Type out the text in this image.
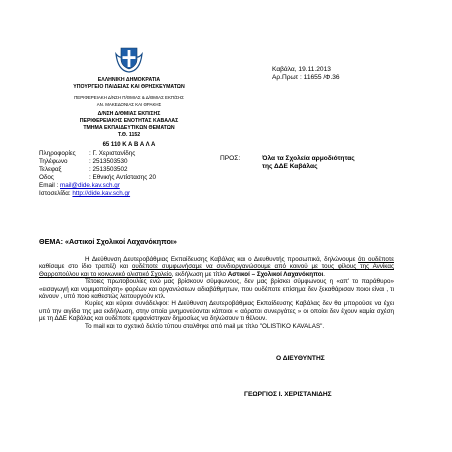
ΕΛΛΗΝΙΚΗ ΔΗΜΟΚΡΑΤΙΑ
ΥΠΟΥΡΓΕΙΟ ΠΑΙΔΕΙΑΣ ΚΑΙ ΘΡΗΣΚΕΥΜΑΤΩΝ
ΠΕΡΙΦΕΡΕΙΑΚΗ Δ/ΝΣΗ Π/ΘΜΙΑΣ & Δ/ΘΜΙΑΣ ΕΚΠ/ΣΗΣ
ΑΝ. ΜΑΚΕΔΟΝΙΑΣ ΚΑΙ ΘΡΑΚΗΣ
Δ/ΝΣΗ Δ/ΘΜΙΑΣ ΕΚΠ/ΣΗΣ
ΠΕΡΙΦΕΡΕΙΑΚΗΣ ΕΝΟΤΗΤΑΣ ΚΑΒΑΛΑΣ
ΤΜΗΜΑ ΕΚΠΑΙΔΕΥΤΙΚΩΝ ΘΕΜΑΤΩΝ
Τ.Θ. 1152
65 110 Κ Α Β Α Λ Α
Πληροφορίες : Γ. Χεριστανίδης
Τηλέφωνο	: 2513503530
Τελεφαξ	: 2513503502
Οδος	: Εθνικής Αντίστασης 20
Email : mail@dide.kav.sch.gr
Ιστοσελίδα: http://dide.kav.sch.gr
Καβάλα, 19.11.2013
Αρ.Πρωτ : 11655 /Φ.36
ΠΡΟΣ:	Όλα τα Σχολεία αρμοδιότητας
της ΔΔΕ Καβάλας
ΘΕΜΑ: «Αστικοί Σχολικοί Λαχανόκηποι»

Η Διεύθυνση Δευτεροβάθμιας Εκπαίδευσης Καβάλας και ο Διευθυντής προσωπικά, δηλώνουμε ότι ουδέποτε καθίσαμε στο ίδιο τραπέζι και ουδέποτε συμφωνήσαμε να συνδιοργανώσουμε από κοινού με τους φίλους της Αννίκας Θαρροπούλου και το κοινωνικό ολιστικό Σχολείο, εκδήλωση με τίτλο Αστικοί – Σχολικοί Λαχανόκηποι.

Τέτοιες πρωτοβουλίες ενώ μας βρίσκουν σύμφωνους, δεν μας βρίσκει σύμφωνους η «απ' το παράθυρο» «εισαγωγή και νομιμοποίηση» φορέων και οργανώσεων αδιαβάθμητων, που ουδέποτε επίσημα δεν ξεκαθάρισαν ποιοι είναι , τι κάνουν , υπό ποιο καθεστώς λειτουργούν κτλ.

Κυρίες και κύριοι συνάδελφοι: Η Διεύθυνση Δευτεροβάθμιας Εκπαίδευσης Καβάλας δεν θα μπορούσε να έχει υπό την αιγίδα της μια εκδήλωση, στην οποία μνημονεύονται κάποιοι « αόρατοι συνεργάτες » οι οποίοι δεν έχουν καμία σχέση με τη ΔΔΕ Καβάλας και ουδέποτε εμφανίστηκαν δημοσίως να δηλώσουν τι θέλουν.

Το mail και το σχετικό δελτίο τύπου σταλθηκε από mail με τίτλο "OLISTIKO KAVALAS".

Ο ΔΙΕΥΘΥΝΤΗΣ
ΓΕΩΡΓΙΟΣ Ι. ΧΕΡΙΣΤΑΝΙΔΗΣ
